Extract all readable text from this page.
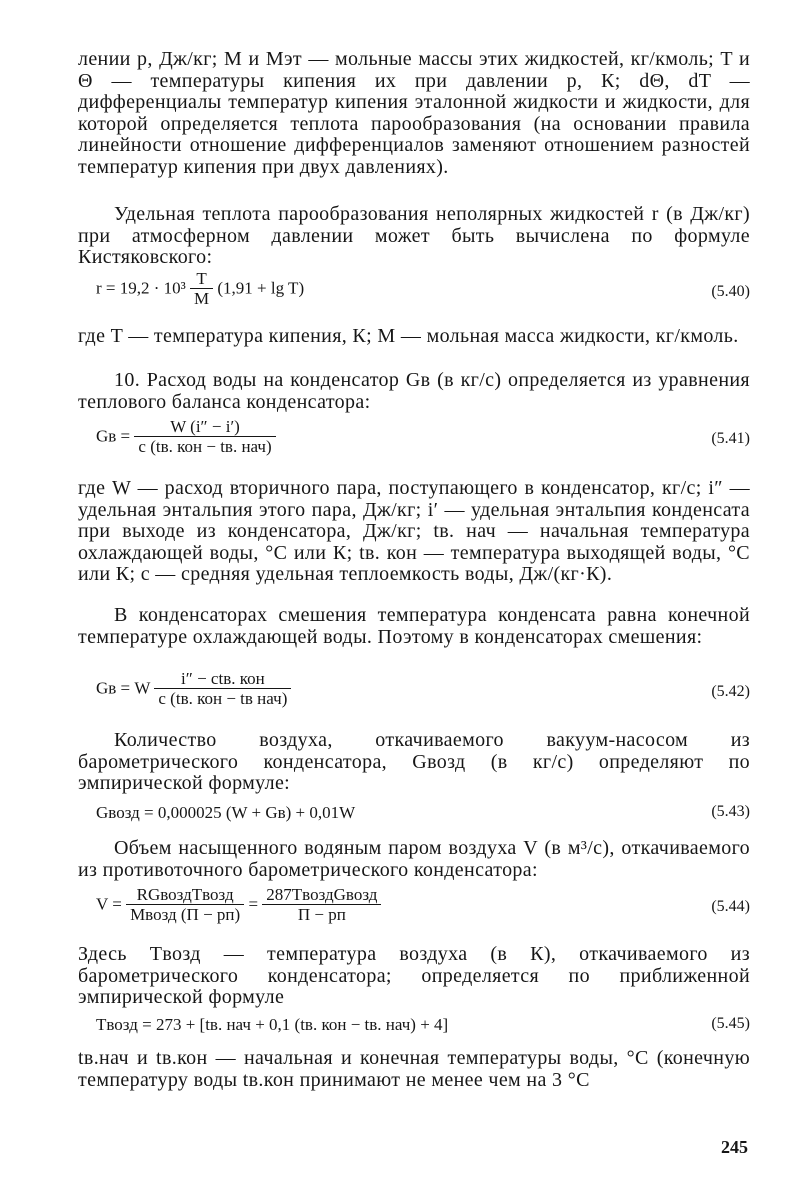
лении p, Дж/кг; M и Mэт — мольные массы этих жидкостей, кг/кмоль; T и Θ — температуры кипения их при давлении p, К; dΘ, dT — дифференциалы температур кипения эталонной жидкости и жидкости, для которой определяется теплота парообразования (на основании правила линейности отношение дифференциалов заменяют отношением разностей температур кипения при двух давлениях).
Удельная теплота парообразования неполярных жидкостей r (в Дж/кг) при атмосферном давлении может быть вычислена по формуле Кистяковского:
$r = 19,2 \cdot 10^3 \frac{T}{M} (1,91 + \lg T)$	(5.40)
где T — температура кипения, К; M — мольная масса жидкости, кг/кмоль.
10. Расход воды на конденсатор Gв (в кг/с) определяется из уравнения теплового баланса конденсатора:
Gв = $\frac{W (i'' - i')}{\text{c (tв. кон − tв. нач)}}$	(5.41)
где W — расход вторичного пара, поступающего в конденсатор, кг/с; i″ — удельная энтальпия этого пара, Дж/кг; i′ — удельная энтальпия конденсата при выходе из конденсатора, Дж/кг; tв. нач — начальная температура охлаждающей воды, °С или К; tв. кон — температура выходящей воды, °С или К; c — средняя удельная теплоемкость воды, Дж/(кг·К).
В конденсаторах смешения температура конденсата равна конечной температуре охлаждающей воды. Поэтому в конденсаторах смешения:
Gв = W $\frac{\text{i″ − ctв. кон}}{\text{c (tв. кон − tв нач)}}$	(5.42)
Количество воздуха, откачиваемого вакуум-насосом из барометрического конденсатора, Gвозд (в кг/с) определяют по эмпирической формуле:
Gвозд = 0,000025 (W + Gв) + 0,01W	(5.43)
Объем насыщенного водяным паром воздуха V (в м³/с), откачиваемого из противоточного барометрического конденсатора:
$V = \frac{\text{RGвоздTвозд}}{\text{Mвозд (П − pп)}} = \frac{\text{287TвоздGвозд}}{П - pп}$	(5.44)
Здесь Tвозд — температура воздуха (в К), откачиваемого из барометрического конденсатора; определяется по приближенной эмпирической формуле
Tвозд = 273 + [tв. нач + 0,1 (tв. кон − tв. нач) + 4]	(5.45)
tв.нач и tв.кон — начальная и конечная температуры воды, °С (конечную температуру воды tв.кон принимают не менее чем на 3 °С
245
